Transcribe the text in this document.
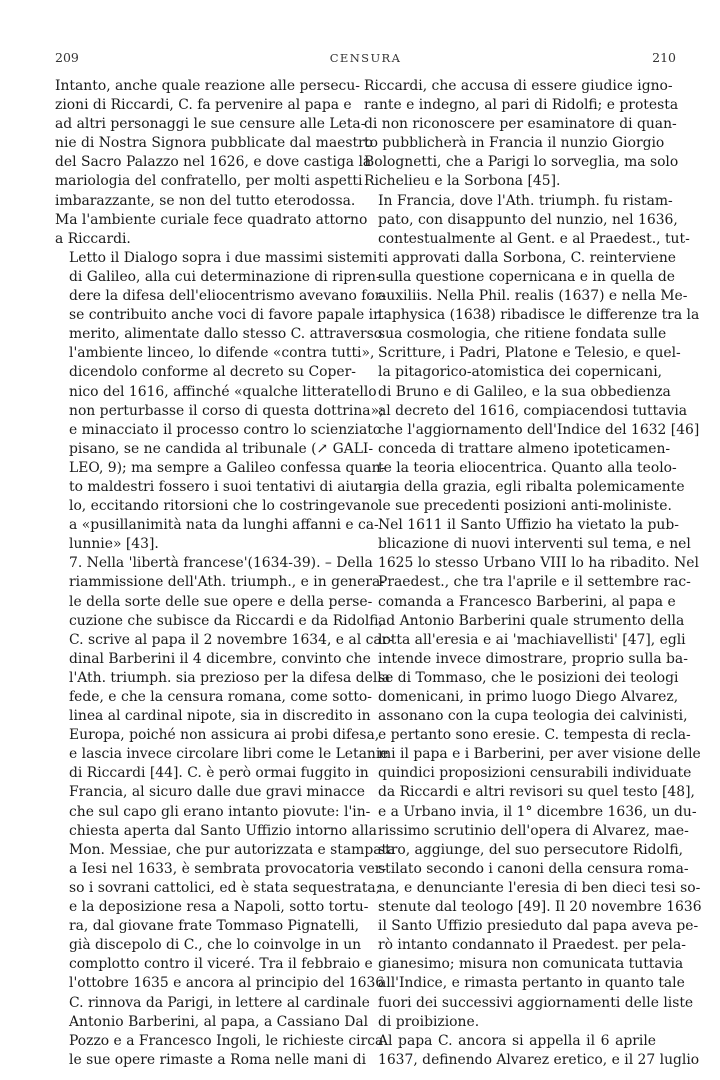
209	CENSURA	210

Intanto, anche quale reazione alle persecu-
zioni di Riccardi, C. fa pervenire al papa e
ad altri personaggi le sue censure alle Leta-
nie di Nostra Signora pubblicate dal maestro
del Sacro Palazzo nel 1626, e dove castiga la
mariologia del confratello, per molti aspetti
imbarazzante, se non del tutto eterodossa.
Ma l'ambiente curiale fece quadrato attorno
a Riccardi.

Letto il Dialogo sopra i due massimi sistemi
di Galileo, alla cui determinazione di ripren-
dere la difesa dell'eliocentrismo avevano for-
se contribuito anche voci di favore papale in
merito, alimentate dallo stesso C. attraverso
l'ambiente linceo, lo difende «contra tutti»,
dicendolo conforme al decreto su Coper-
nico del 1616, affinché «qualche litteratello
non perturbasse il corso di questa dottrina»;
e minacciato il processo contro lo scienziato
pisano, se ne candida al tribunale (↗ GALI-
LEO, 9); ma sempre a Galileo confessa quan-
to maldestri fossero i suoi tentativi di aiutar-
lo, eccitando ritorsioni che lo costringevano
a «pusillanimità nata da lunghi affanni e ca-
lunnie» [43].

7. Nella 'libertà francese'(1634-39). – Della
riammissione dell'Ath. triumph., e in genera-
le della sorte delle sue opere e della perse-
cuzione che subisce da Riccardi e da Ridolfi,
C. scrive al papa il 2 novembre 1634, e al car-
dinal Barberini il 4 dicembre, convinto che
l'Ath. triumph. sia prezioso per la difesa della
fede, e che la censura romana, come sotto-
linea al cardinal nipote, sia in discredito in
Europa, poiché non assicura ai probi difesa,
e lascia invece circolare libri come le Letanie
di Riccardi [44]. C. è però ormai fuggito in
Francia, al sicuro dalle due gravi minacce
che sul capo gli erano intanto piovute: l'in-
chiesta aperta dal Santo Uffizio intorno alla
Mon. Messiae, che pur autorizzata e stampata
a Iesi nel 1633, è sembrata provocatoria ver-
so i sovrani cattolici, ed è stata sequestrata;
e la deposizione resa a Napoli, sotto tortu-
ra, dal giovane frate Tommaso Pignatelli,
già discepolo di C., che lo coinvolge in un
complotto contro il viceré. Tra il febbraio e
l'ottobre 1635 e ancora al principio del 1636
C. rinnova da Parigi, in lettere al cardinale
Antonio Barberini, al papa, a Cassiano Dal
Pozzo e a Francesco Ingoli, le richieste circa
le sue opere rimaste a Roma nelle mani di

Riccardi, che accusa di essere giudice igno-
rante e indegno, al pari di Ridolfi; e protesta
di non riconoscere per esaminatore di quan-
to pubblicherà in Francia il nunzio Giorgio
Bolognetti, che a Parigi lo sorveglia, ma solo
Richelieu e la Sorbona [45].

In Francia, dove l'Ath. triumph. fu ristam-
pato, con disappunto del nunzio, nel 1636,
contestualmente al Gent. e al Praedest., tut-
ti approvati dalla Sorbona, C. reinterviene
sulla questione copernicana e in quella de
auxiliis. Nella Phil. realis (1637) e nella Me-
taphysica (1638) ribadisce le differenze tra la
sua cosmologia, che ritiene fondata sulle
Scritture, i Padri, Platone e Telesio, e quel-
la pitagorico-atomistica dei copernicani,
di Bruno e di Galileo, e la sua obbedienza
al decreto del 1616, compiacendosi tuttavia
che l'aggiornamento dell'Indice del 1632 [46]
conceda di trattare almeno ipoteticamen-
te la teoria eliocentrica. Quanto alla teolo-
gia della grazia, egli ribalta polemicamente
le sue precedenti posizioni anti-moliniste.
Nel 1611 il Santo Uffizio ha vietato la pub-
blicazione di nuovi interventi sul tema, e nel
1625 lo stesso Urbano VIII lo ha ribadito. Nel
Praedest., che tra l'aprile e il settembre rac-
comanda a Francesco Barberini, al papa e
ad Antonio Barberini quale strumento della
lotta all'eresia e ai 'machiavellisti' [47], egli
intende invece dimostrare, proprio sulla ba-
se di Tommaso, che le posizioni dei teologi
domenicani, in primo luogo Diego Alvarez,
assonano con la cupa teologia dei calvinisti,
e pertanto sono eresie. C. tempesta di recla-
mi il papa e i Barberini, per aver visione delle
quindici proposizioni censurabili individuate
da Riccardi e altri revisori su quel testo [48],
e a Urbano invia, il 1° dicembre 1636, un du-
rissimo scrutinio dell'opera di Alvarez, mae-
stro, aggiunge, del suo persecutore Ridolfi,
stilato secondo i canoni della censura roma-
na, e denunciante l'eresia di ben dieci tesi so-
stenute dal teologo [49]. Il 20 novembre 1636
il Santo Uffizio presieduto dal papa aveva pe-
rò intanto condannato il Praedest. per pela-
gianesimo; misura non comunicata tuttavia
all'Indice, e rimasta pertanto in quanto tale
fuori dei successivi aggiornamenti delle liste
di proibizione.

Al papa C. ancora si appella il 6 aprile
1637, definendo Alvarez eretico, e il 27 luglio
